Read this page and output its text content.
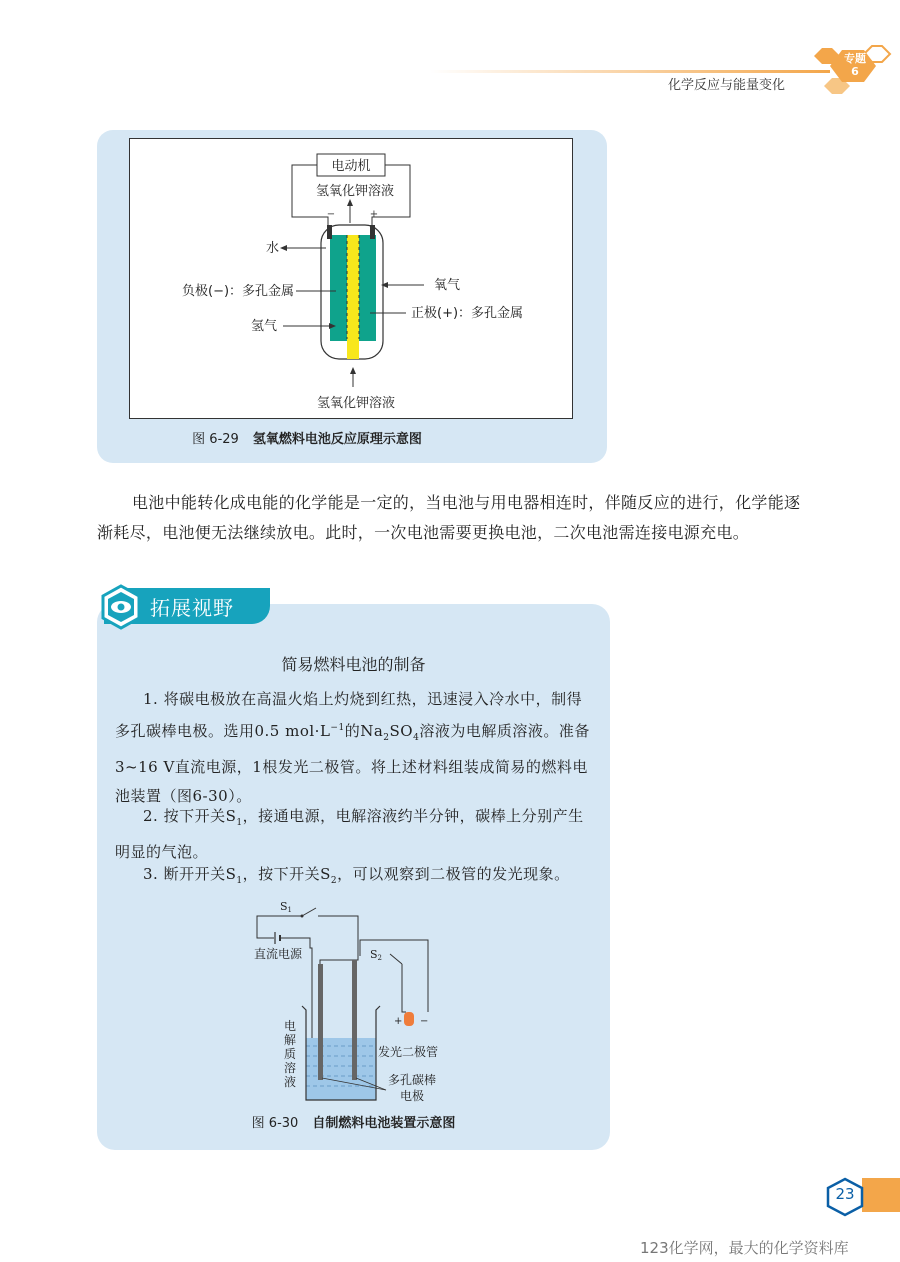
化学反应与能量变化
专题
6
电动机
氢氧化钾溶液
−	+
水
负极(−)：多孔金属
氢气
氧气
正极(+)：多孔金属
氢氧化钾溶液
图 6-29 氢氧燃料电池反应原理示意图
电池中能转化成电能的化学能是一定的，当电池与用电器相连时，伴随反应的进行，化学能逐渐耗尽，电池便无法继续放电。此时，一次电池需要更换电池，二次电池需连接电源充电。
拓展视野
简易燃料电池的制备
1. 将碳电极放在高温火焰上灼烧到红热，迅速浸入冷水中，制得多孔碳棒电极。选用0.5 $mol\cdot L^{-1}$的$Na_2SO_4$溶液为电解质溶液。准备3~16 V直流电源，1根发光二极管。将上述材料组装成简易的燃料电池装置（图6-30）。
2. 按下开关$S_1$，接通电源，电解溶液约半分钟，碳棒上分别产生明显的气泡。
3. 断开开关$S_1$，按下开关$S_2$，可以观察到二极管的发光现象。
S1
直流电源	S2
+ −
发光二极管
电
解
质
溶
液	多孔碳棒
电极
图 6-30 自制燃料电池装置示意图
23
123化学网，最大的化学资料库
